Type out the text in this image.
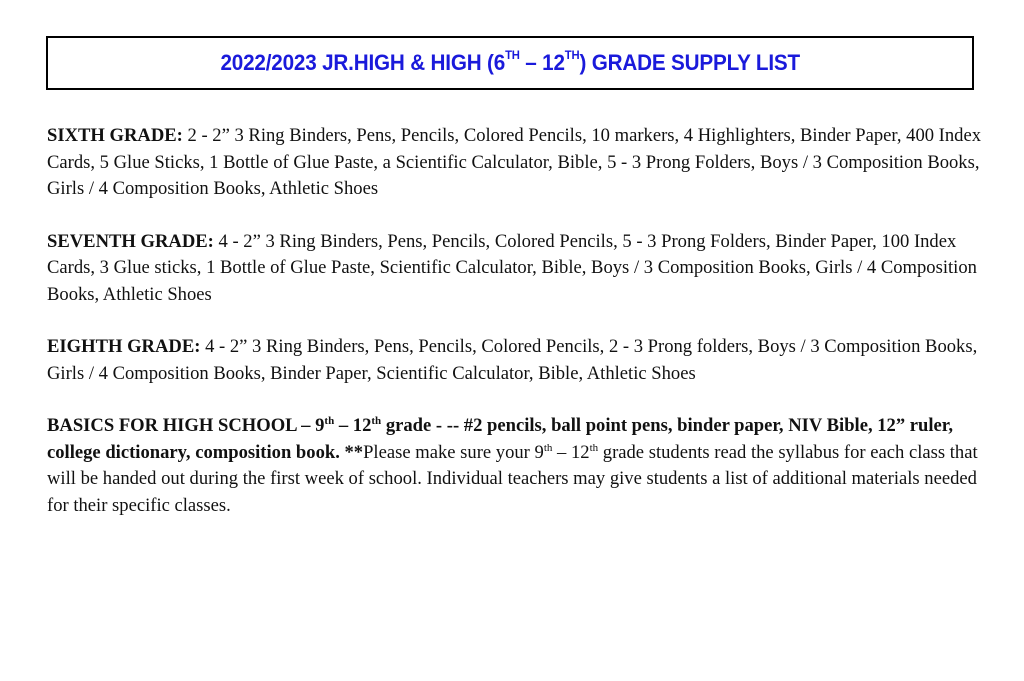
2022/2023 JR.HIGH & HIGH (6TH – 12TH) GRADE SUPPLY LIST

SIXTH GRADE: 2 - 2” 3 Ring Binders, Pens, Pencils, Colored Pencils, 10 markers, 4 Highlighters, Binder Paper, 400 Index Cards, 5 Glue Sticks, 1 Bottle of Glue Paste, a Scientific Calculator, Bible, 5 - 3 Prong Folders, Boys / 3 Composition Books, Girls / 4 Composition Books, Athletic Shoes

SEVENTH GRADE: 4 - 2” 3 Ring Binders, Pens, Pencils, Colored Pencils, 5 - 3 Prong Folders, Binder Paper, 100 Index Cards, 3 Glue sticks, 1 Bottle of Glue Paste, Scientific Calculator, Bible, Boys / 3 Composition Books, Girls / 4 Composition Books, Athletic Shoes

EIGHTH GRADE: 4 - 2” 3 Ring Binders, Pens, Pencils, Colored Pencils, 2 - 3 Prong folders, Boys / 3 Composition Books, Girls / 4 Composition Books, Binder Paper, Scientific Calculator, Bible, Athletic Shoes

BASICS FOR HIGH SCHOOL – 9th – 12th grade - -- #2 pencils, ball point pens, binder paper, NIV Bible, 12” ruler, college dictionary, composition book. **Please make sure your 9th – 12th grade students read the syllabus for each class that will be handed out during the first week of school. Individual teachers may give students a list of additional materials needed for their specific classes.
